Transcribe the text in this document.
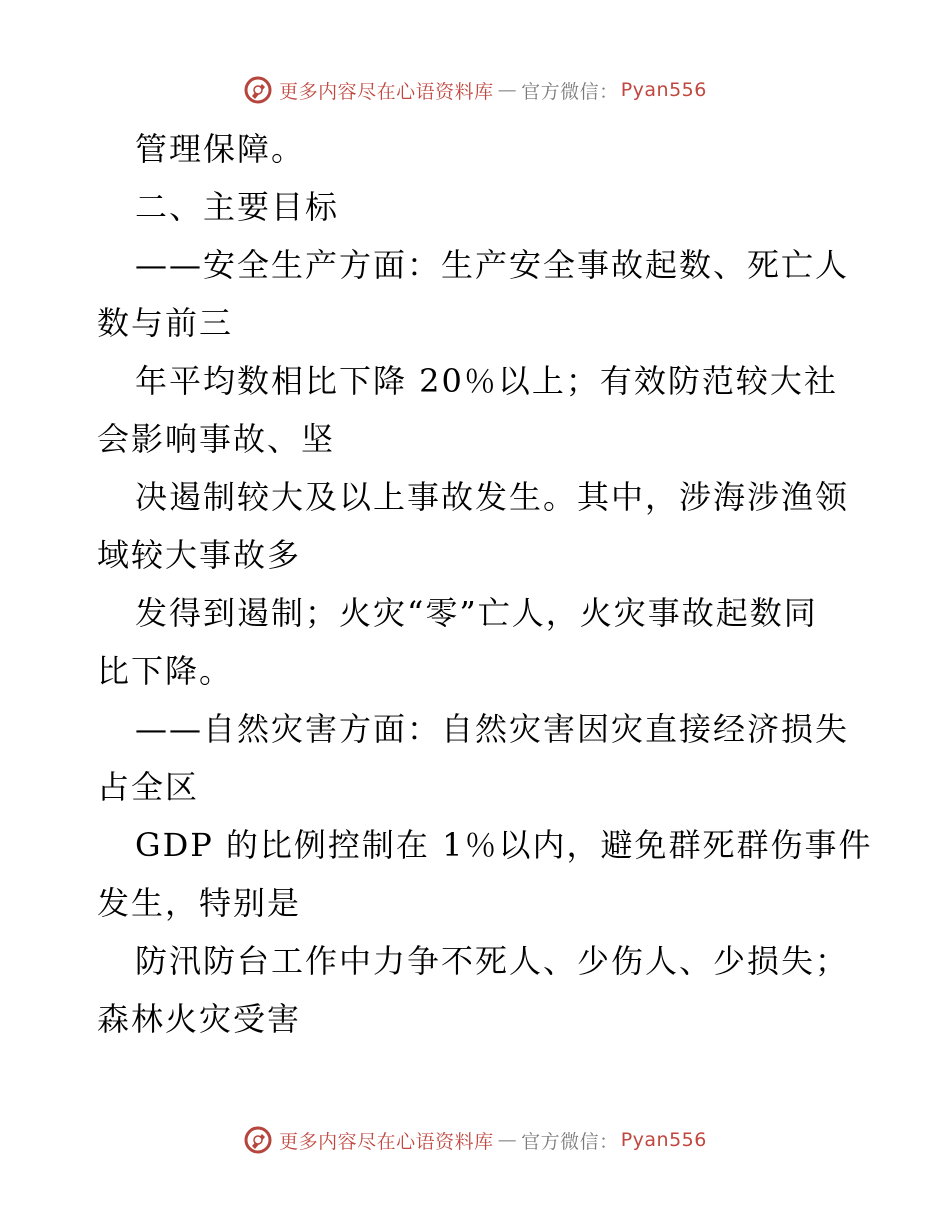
更多内容尽在心语资料库 — 官方微信： Pyan556
管理保障。
二、主要目标
——安全生产方面：生产安全事故起数、死亡人
数与前三
年平均数相比下降 20％以上；有效防范较大社
会影响事故、坚
决遏制较大及以上事故发生。其中，涉海涉渔领
域较大事故多
发得到遏制；火灾“零”亡人，火灾事故起数同
比下降。
——自然灾害方面：自然灾害因灾直接经济损失
占全区
GDP 的比例控制在 1％以内，避免群死群伤事件
发生，特别是
防汛防台工作中力争不死人、少伤人、少损失；
森林火灾受害
更多内容尽在心语资料库 — 官方微信： Pyan556
